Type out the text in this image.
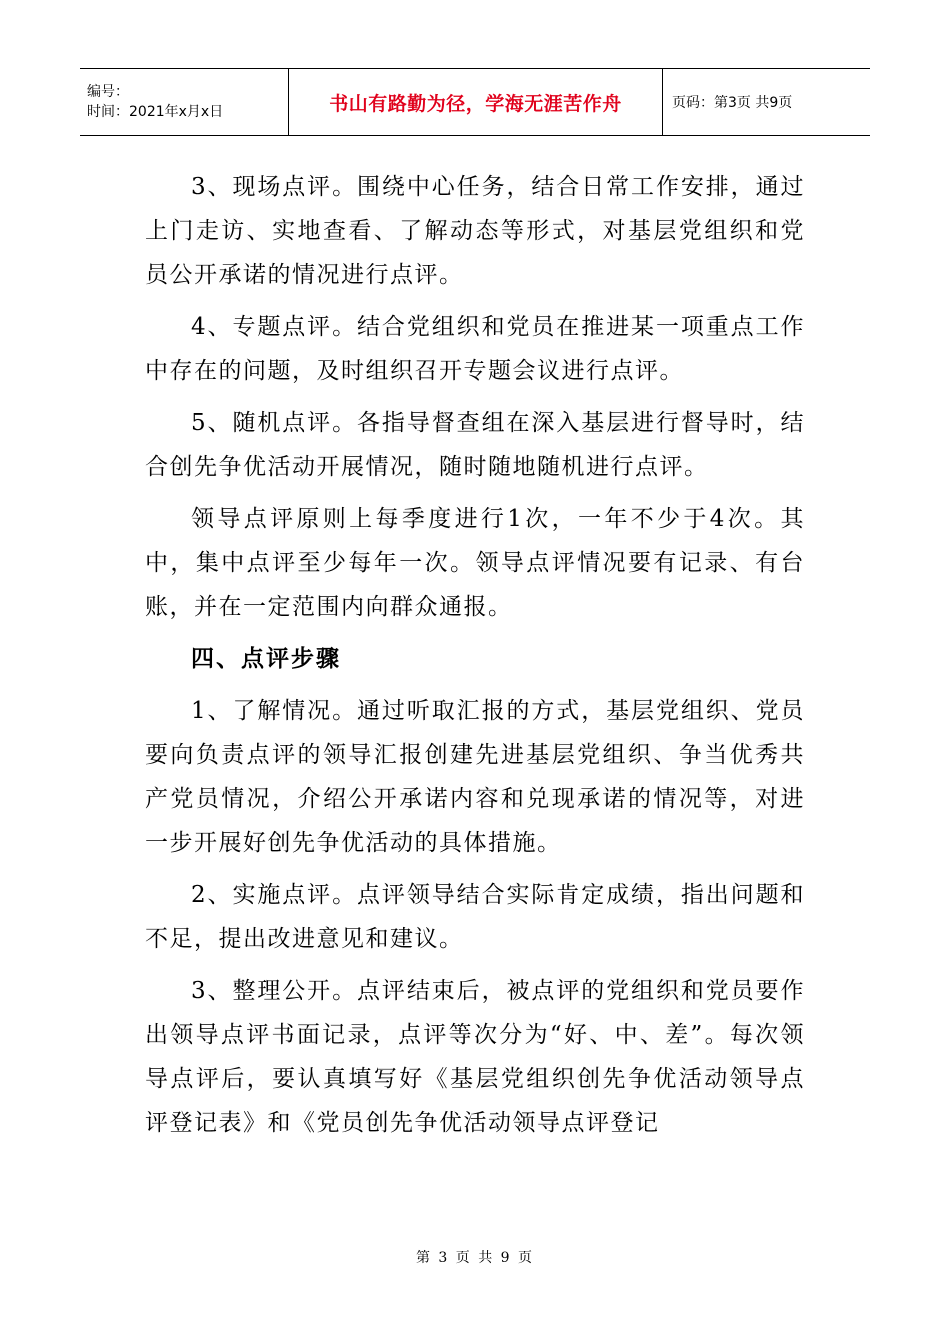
编号：
时间：2021年x月x日	书山有路勤为径，学海无涯苦作舟	页码：第3页 共9页

3、现场点评。围绕中心任务，结合日常工作安排，通过上门走访、实地查看、了解动态等形式，对基层党组织和党员公开承诺的情况进行点评。

4、专题点评。结合党组织和党员在推进某一项重点工作中存在的问题，及时组织召开专题会议进行点评。

5、随机点评。各指导督查组在深入基层进行督导时，结合创先争优活动开展情况，随时随地随机进行点评。

领导点评原则上每季度进行1次，一年不少于4次。其中，集中点评至少每年一次。领导点评情况要有记录、有台账，并在一定范围内向群众通报。

四、点评步骤

1、了解情况。通过听取汇报的方式，基层党组织、党员要向负责点评的领导汇报创建先进基层党组织、争当优秀共产党员情况，介绍公开承诺内容和兑现承诺的情况等，对进一步开展好创先争优活动的具体措施。

2、实施点评。点评领导结合实际肯定成绩，指出问题和不足，提出改进意见和建议。

3、整理公开。点评结束后，被点评的党组织和党员要作出领导点评书面记录，点评等次分为“好、中、差”。每次领导点评后，要认真填写好《基层党组织创先争优活动领导点评登记表》和《党员创先争优活动领导点评登记

第 3 页 共 9 页
